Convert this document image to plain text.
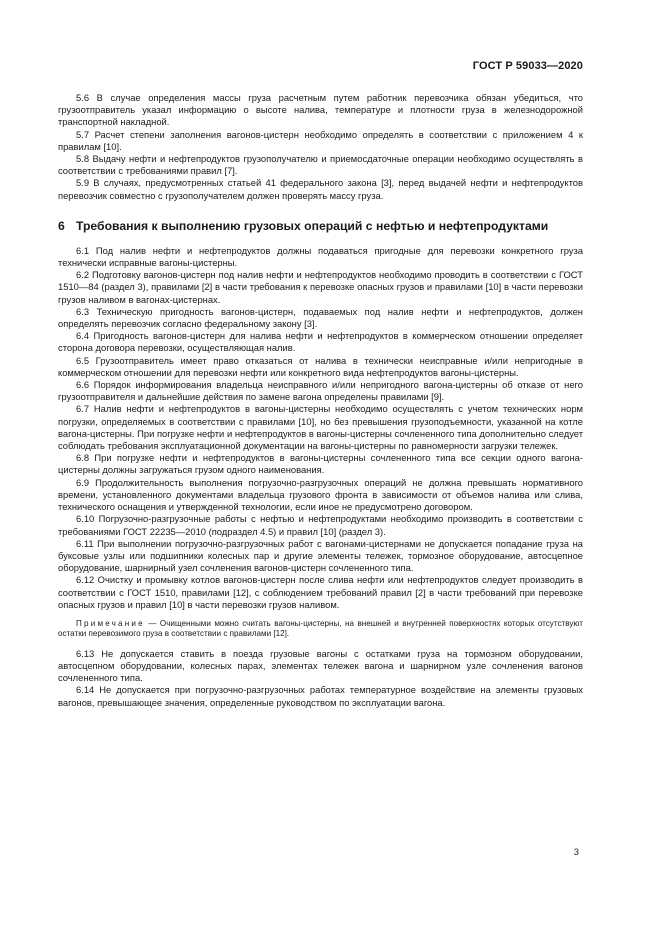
ГОСТ Р 59033—2020

5.6 В случае определения массы груза расчетным путем работник перевозчика обязан убедиться, что грузоотправитель указал информацию о высоте налива, температуре и плотности груза в железнодорожной транспортной накладной.

5.7 Расчет степени заполнения вагонов-цистерн необходимо определять в соответствии с приложением 4 к правилам [10].

5.8 Выдачу нефти и нефтепродуктов грузополучателю и приемосдаточные операции необходимо осуществлять в соответствии с требованиями правил [7].

5.9 В случаях, предусмотренных статьей 41 федерального закона [3], перед выдачей нефти и нефтепродуктов перевозчик совместно с грузополучателем должен проверять массу груза.

6 Требования к выполнению грузовых операций с нефтью и нефтепродуктами

6.1 Под налив нефти и нефтепродуктов должны подаваться пригодные для перевозки конкретного груза технически исправные вагоны-цистерны.

6.2 Подготовку вагонов-цистерн под налив нефти и нефтепродуктов необходимо проводить в соответствии с ГОСТ 1510—84 (раздел 3), правилами [2] в части требования к перевозке опасных грузов и правилами [10] в части перевозки грузов наливом в вагонах-цистернах.

6.3 Техническую пригодность вагонов-цистерн, подаваемых под налив нефти и нефтепродуктов, должен определять перевозчик согласно федеральному закону [3].

6.4 Пригодность вагонов-цистерн для налива нефти и нефтепродуктов в коммерческом отношении определяет сторона договора перевозки, осуществляющая налив.

6.5 Грузоотправитель имеет право отказаться от налива в технически неисправные и/или непригодные в коммерческом отношении для перевозки нефти или конкретного вида нефтепродуктов вагоны-цистерны.

6.6 Порядок информирования владельца неисправного и/или непригодного вагона-цистерны об отказе от него грузоотправителя и дальнейшие действия по замене вагона определены правилами [9].

6.7 Налив нефти и нефтепродуктов в вагоны-цистерны необходимо осуществлять с учетом технических норм погрузки, определяемых в соответствии с правилами [10], но без превышения грузоподъемности, указанной на котле вагона-цистерны. При погрузке нефти и нефтепродуктов в вагоны-цистерны сочлененного типа дополнительно следует соблюдать требования эксплуатационной документации на вагоны-цистерны по равномерности загрузки тележек.

6.8 При погрузке нефти и нефтепродуктов в вагоны-цистерны сочлененного типа все секции одного вагона-цистерны должны загружаться грузом одного наименования.

6.9 Продолжительность выполнения погрузочно-разгрузочных операций не должна превышать нормативного времени, установленного документами владельца грузового фронта в зависимости от объемов налива или слива, технического оснащения и утвержденной технологии, если иное не предусмотрено договором.

6.10 Погрузочно-разгрузочные работы с нефтью и нефтепродуктами необходимо производить в соответствии с требованиями ГОСТ 22235—2010 (подраздел 4.5) и правил [10] (раздел 3).

6.11 При выполнении погрузочно-разгрузочных работ с вагонами-цистернами не допускается попадание груза на буксовые узлы или подшипники колесных пар и другие элементы тележек, тормозное оборудование, автосцепное оборудование, шарнирный узел сочленения вагонов-цистерн сочлененного типа.

6.12 Очистку и промывку котлов вагонов-цистерн после слива нефти или нефтепродуктов следует производить в соответствии с ГОСТ 1510, правилами [12], с соблюдением требований правил [2] в части требований при перевозке опасных грузов и правил [10] в части перевозки грузов наливом.

Примечание — Очищенными можно считать вагоны-цистерны, на внешней и внутренней поверхностях которых отсутствуют остатки перевозимого груза в соответствии с правилами [12].

6.13 Не допускается ставить в поезда грузовые вагоны с остатками груза на тормозном оборудовании, автосцепном оборудовании, колесных парах, элементах тележек вагона и шарнирном узле сочленения вагонов сочлененного типа.

6.14 Не допускается при погрузочно-разгрузочных работах температурное воздействие на элементы грузовых вагонов, превышающее значения, определенные руководством по эксплуатации вагона.

3
